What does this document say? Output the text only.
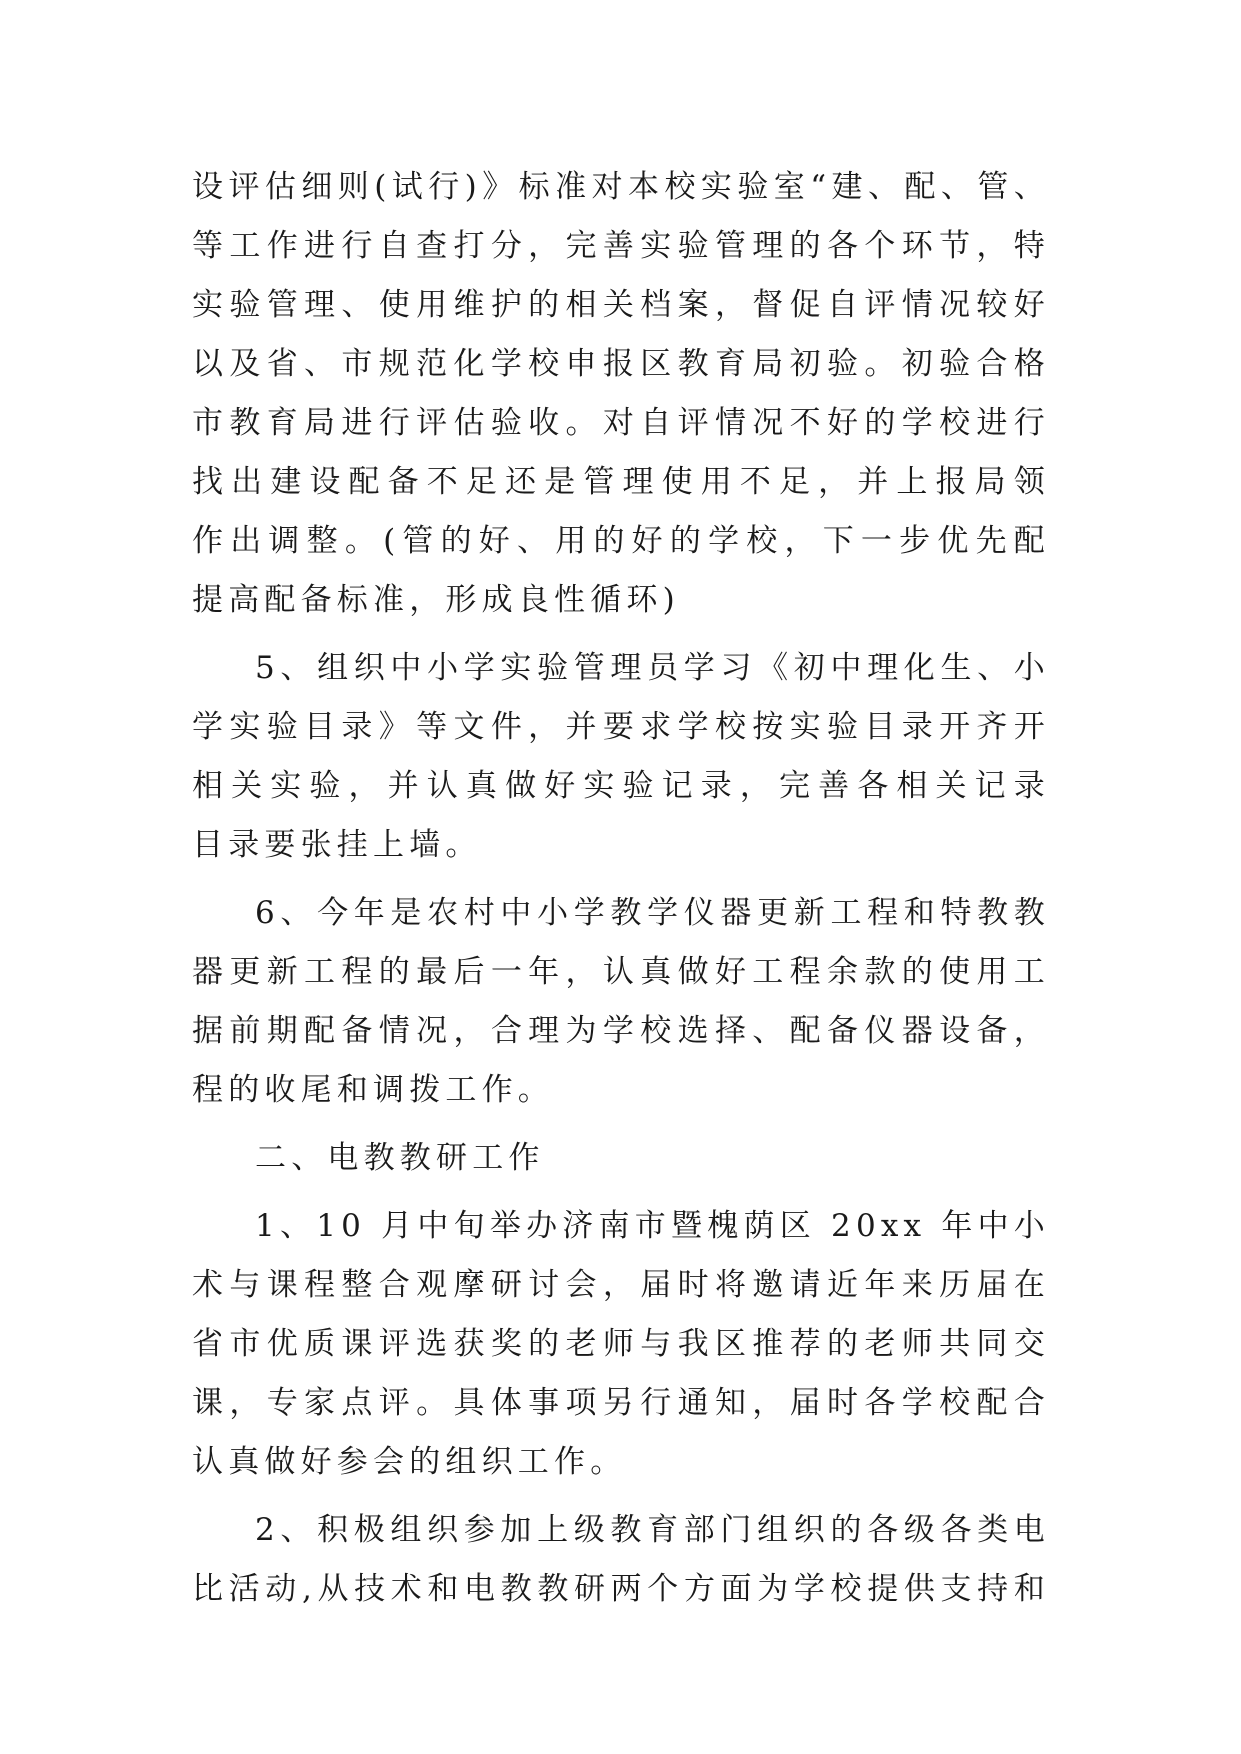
设评估细则(试行)》标准对本校实验室“建、配、管、
等工作进行自查打分，完善实验管理的各个环节，特
实验管理、使用维护的相关档案，督促自评情况较好
以及省、市规范化学校申报区教育局初验。初验合格
市教育局进行评估验收。对自评情况不好的学校进行
找出建设配备不足还是管理使用不足，并上报局领
作出调整。(管的好、用的好的学校，下一步优先配
提高配备标准，形成良性循环)
5、组织中小学实验管理员学习《初中理化生、小
学实验目录》等文件，并要求学校按实验目录开齐开
相关实验，并认真做好实验记录，完善各相关记录
目录要张挂上墙。
6、今年是农村中小学教学仪器更新工程和特教教
器更新工程的最后一年，认真做好工程余款的使用工
据前期配备情况，合理为学校选择、配备仪器设备，
程的收尾和调拨工作。
二、电教教研工作
1、10 月中旬举办济南市暨槐荫区 20xx 年中小
术与课程整合观摩研讨会，届时将邀请近年来历届在
省市优质课评选获奖的老师与我区推荐的老师共同交
课，专家点评。具体事项另行通知，届时各学校配合
认真做好参会的组织工作。
2、积极组织参加上级教育部门组织的各级各类电
比活动,从技术和电教教研两个方面为学校提供支持和
